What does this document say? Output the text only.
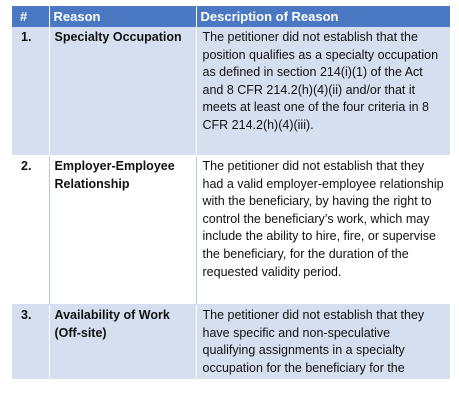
#	Reason	Description of Reason
1.	Specialty Occupation	The petitioner did not establish that the position qualifies as a specialty occupation as defined in section 214(i)(1) of the Act and 8 CFR 214.2(h)(4)(ii) and/or that it meets at least one of the four criteria in 8 CFR 214.2(h)(4)(iii).
2.	Employer-Employee Relationship	The petitioner did not establish that they had a valid employer-employee relationship with the beneficiary, by having the right to control the beneficiary’s work, which may include the ability to hire, fire, or supervise the beneficiary, for the duration of the requested validity period.
3.	Availability of Work (Off-site)	The petitioner did not establish that they have specific and non-speculative qualifying assignments in a specialty occupation for the beneficiary for the
